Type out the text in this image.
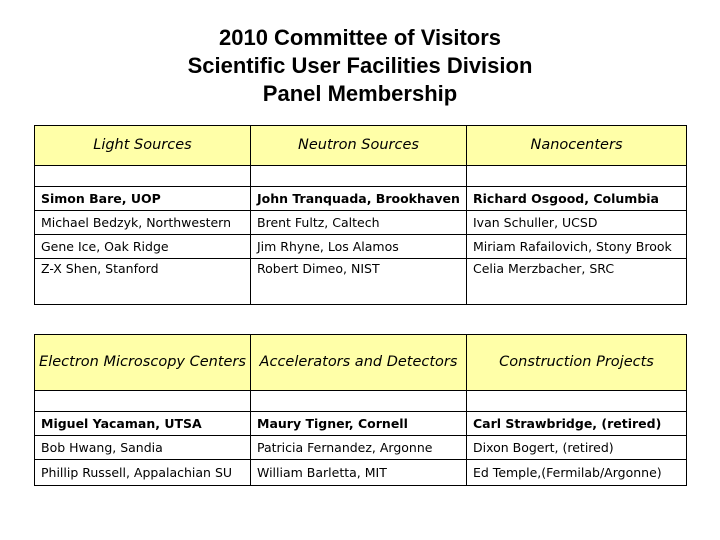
2010 Committee of Visitors
Scientific User Facilities Division
Panel Membership
Light Sources	Neutron Sources	Nanocenters

Simon Bare, UOP	John Tranquada, Brookhaven	Richard Osgood, Columbia
Michael Bedzyk, Northwestern	Brent Fultz, Caltech	Ivan Schuller, UCSD
Gene Ice, Oak Ridge	Jim Rhyne, Los Alamos	Miriam Rafailovich, Stony Brook
Z-X Shen, Stanford	Robert Dimeo, NIST	Celia Merzbacher, SRC
Electron Microscopy Centers	Accelerators and Detectors	Construction Projects

Miguel Yacaman, UTSA	Maury Tigner, Cornell	Carl Strawbridge, (retired)
Bob Hwang, Sandia	Patricia Fernandez, Argonne	Dixon Bogert, (retired)
Phillip Russell, Appalachian SU	William Barletta, MIT	Ed Temple,(Fermilab/Argonne)
